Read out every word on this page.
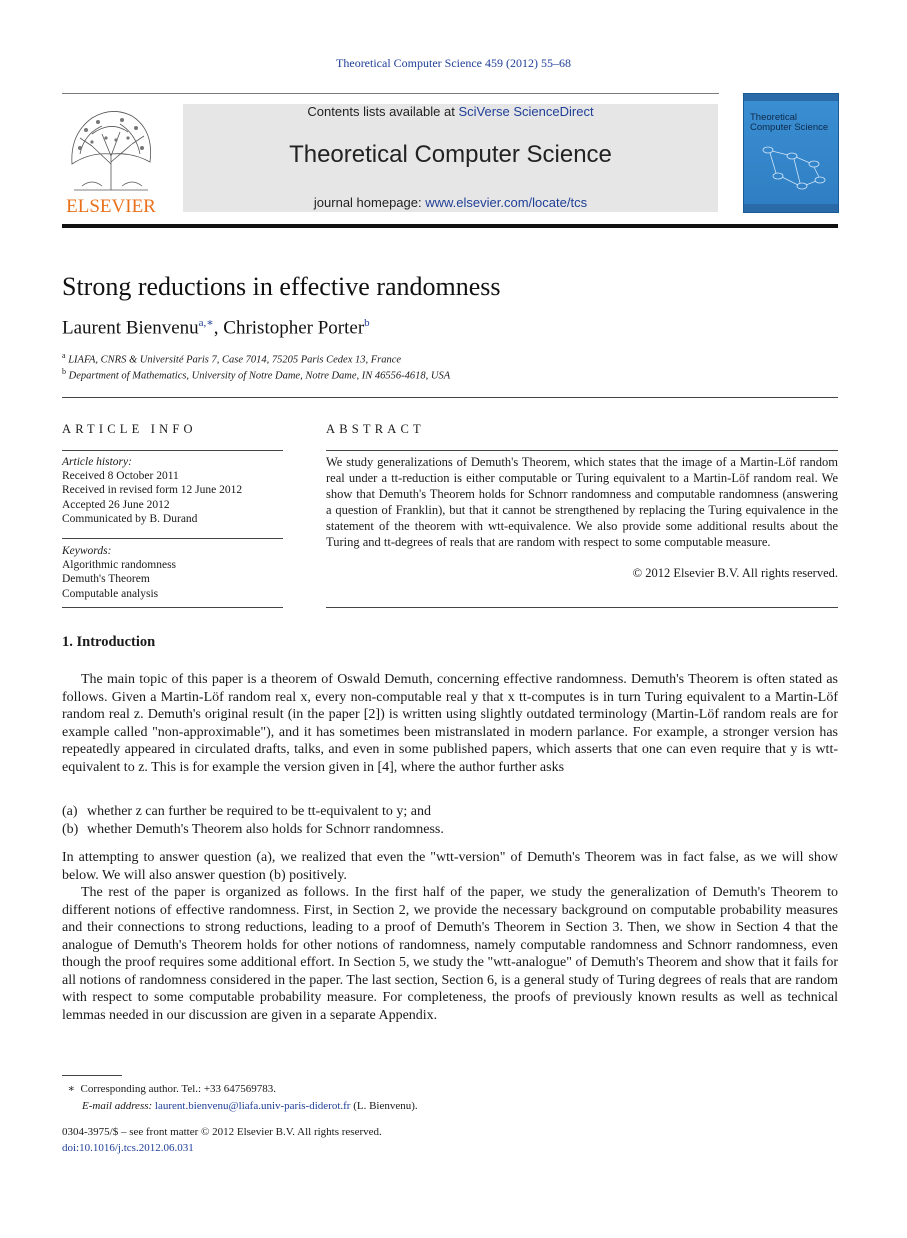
Theoretical Computer Science 459 (2012) 55–68
ELSEVIER
Contents lists available at SciVerse ScienceDirect
Theoretical Computer Science
journal homepage: www.elsevier.com/locate/tcs
Theoretical
Computer Science
Strong reductions in effective randomness
Laurent Bienvenu$^{a,∗}$, Christopher Porter$^b$
$^a$ LIAFA, CNRS & Université Paris 7, Case 7014, 75205 Paris Cedex 13, France
$^b$ Department of Mathematics, University of Notre Dame, Notre Dame, IN 46556-4618, USA
ARTICLE INFO
Article history:
Received 8 October 2011
Received in revised form 12 June 2012
Accepted 26 June 2012
Communicated by B. Durand
Keywords:
Algorithmic randomness
Demuth's Theorem
Computable analysis
ABSTRACT
We study generalizations of Demuth's Theorem, which states that the image of a Martin-Löf random real under a tt-reduction is either computable or Turing equivalent to a Martin-Löf random real. We show that Demuth's Theorem holds for Schnorr randomness and computable randomness (answering a question of Franklin), but that it cannot be strengthened by replacing the Turing equivalence in the statement of the theorem with wtt-equivalence. We also provide some additional results about the Turing and tt-degrees of reals that are random with respect to some computable measure.
© 2012 Elsevier B.V. All rights reserved.
1. Introduction
The main topic of this paper is a theorem of Oswald Demuth, concerning effective randomness. Demuth's Theorem is often stated as follows. Given a Martin-Löf random real x, every non-computable real y that x tt-computes is in turn Turing equivalent to a Martin-Löf random real z. Demuth's original result (in the paper [2]) is written using slightly outdated terminology (Martin-Löf random reals are for example called "non-approximable"), and it has sometimes been mistranslated in modern parlance. For example, a stronger version has repeatedly appeared in circulated drafts, talks, and even in some published papers, which asserts that one can even require that y is wtt-equivalent to z. This is for example the version given in [4], where the author further asks
(a) whether z can further be required to be tt-equivalent to y; and
(b) whether Demuth's Theorem also holds for Schnorr randomness.
In attempting to answer question (a), we realized that even the "wtt-version" of Demuth's Theorem was in fact false, as we will show below. We will also answer question (b) positively.
The rest of the paper is organized as follows. In the first half of the paper, we study the generalization of Demuth's Theorem to different notions of effective randomness. First, in Section 2, we provide the necessary background on computable probability measures and their connections to strong reductions, leading to a proof of Demuth's Theorem in Section 3. Then, we show in Section 4 that the analogue of Demuth's Theorem holds for other notions of randomness, namely computable randomness and Schnorr randomness, even though the proof requires some additional effort. In Section 5, we study the "wtt-analogue" of Demuth's Theorem and show that it fails for all notions of randomness considered in the paper. The last section, Section 6, is a general study of Turing degrees of reals that are random with respect to some computable probability measure. For completeness, the proofs of previously known results as well as technical lemmas needed in our discussion are given in a separate Appendix.
∗ Corresponding author. Tel.: +33 647569783.
E-mail address: laurent.bienvenu@liafa.univ-paris-diderot.fr (L. Bienvenu).
0304-3975/$ – see front matter © 2012 Elsevier B.V. All rights reserved.
doi:10.1016/j.tcs.2012.06.031
